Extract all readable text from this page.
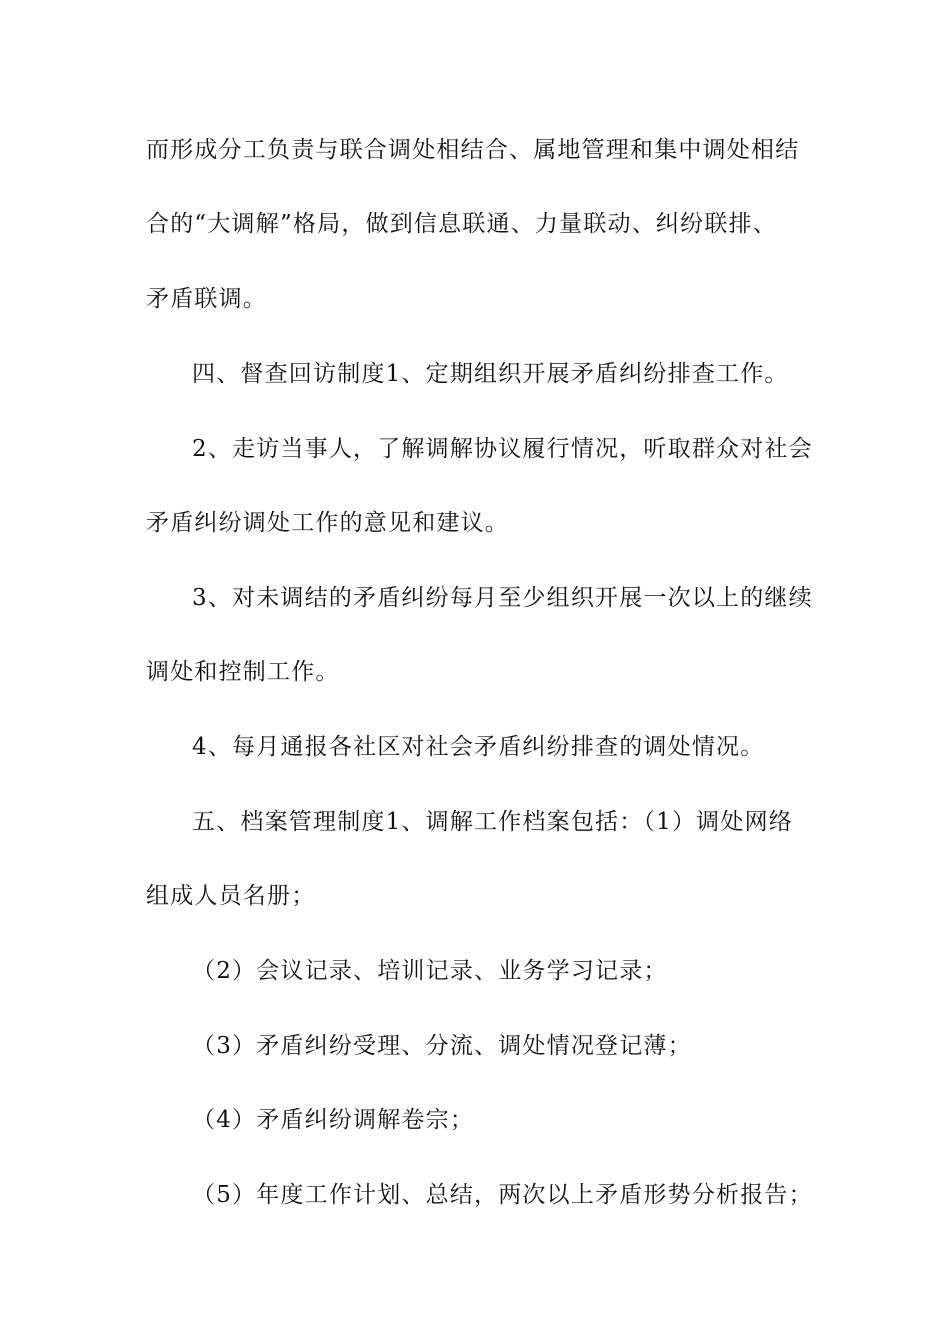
而形成分工负责与联合调处相结合、属地管理和集中调处相结
合的“大调解”格局，做到信息联通、力量联动、纠纷联排、
矛盾联调。
四、督查回访制度1、定期组织开展矛盾纠纷排查工作。
2、走访当事人，了解调解协议履行情况，听取群众对社会
矛盾纠纷调处工作的意见和建议。
3、对未调结的矛盾纠纷每月至少组织开展一次以上的继续
调处和控制工作。
4、每月通报各社区对社会矛盾纠纷排查的调处情况。
五、档案管理制度1、调解工作档案包括：（1）调处网络
组成人员名册；
（2）会议记录、培训记录、业务学习记录；
（3）矛盾纠纷受理、分流、调处情况登记薄；
（4）矛盾纠纷调解卷宗；
（5）年度工作计划、总结，两次以上矛盾形势分析报告；
